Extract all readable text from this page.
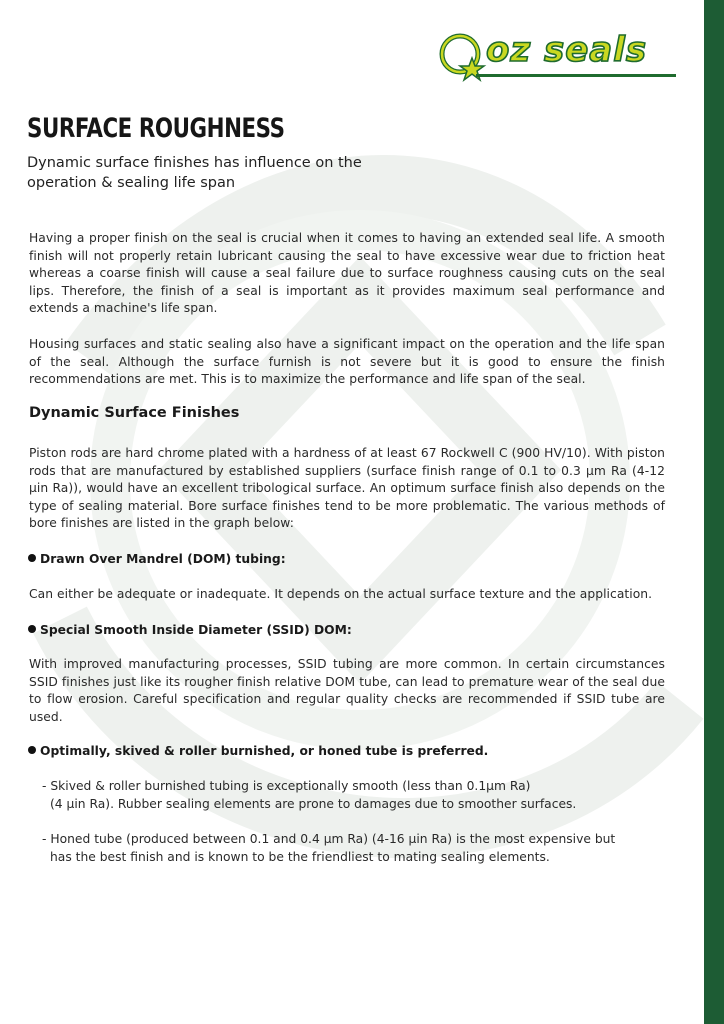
oz seals
SURFACE ROUGHNESS
Dynamic surface finishes has influence on the
operation & sealing life span

Having a proper finish on the seal is crucial when it comes to having an extended seal life. A smooth finish will not properly retain lubricant causing the seal to have excessive wear due to friction heat whereas a coarse finish will cause a seal failure due to surface roughness causing cuts on the seal lips. Therefore, the finish of a seal is important as it provides maximum seal performance and extends a machine's life span.

Housing surfaces and static sealing also have a significant impact on the operation and the life span of the seal. Although the surface furnish is not severe but it is good to ensure the finish recommendations are met. This is to maximize the performance and life span of the seal.

Dynamic Surface Finishes

Piston rods are hard chrome plated with a hardness of at least 67 Rockwell C (900 HV/10). With piston rods that are manufactured by established suppliers (surface finish range of 0.1 to 0.3 µm Ra (4-12 µin Ra)), would have an excellent tribological surface. An optimum surface finish also depends on the type of sealing material. Bore surface finishes tend to be more problematic. The various methods of bore finishes are listed in the graph below:

Drawn Over Mandrel (DOM) tubing:

Can either be adequate or inadequate. It depends on the actual surface texture and the application.

Special Smooth Inside Diameter (SSID) DOM:

With improved manufacturing processes, SSID tubing are more common. In certain circumstances SSID finishes just like its rougher finish relative DOM tube, can lead to premature wear of the seal due to flow erosion. Careful specification and regular quality checks are recommended if SSID tube are used.

Optimally, skived & roller burnished, or honed tube is preferred.
- Skived & roller burnished tubing is exceptionally smooth (less than 0.1µm Ra)
(4 µin Ra). Rubber sealing elements are prone to damages due to smoother surfaces.
- Honed tube (produced between 0.1 and 0.4 µm Ra) (4-16 µin Ra) is the most expensive but
has the best finish and is known to be the friendliest to mating sealing elements.
